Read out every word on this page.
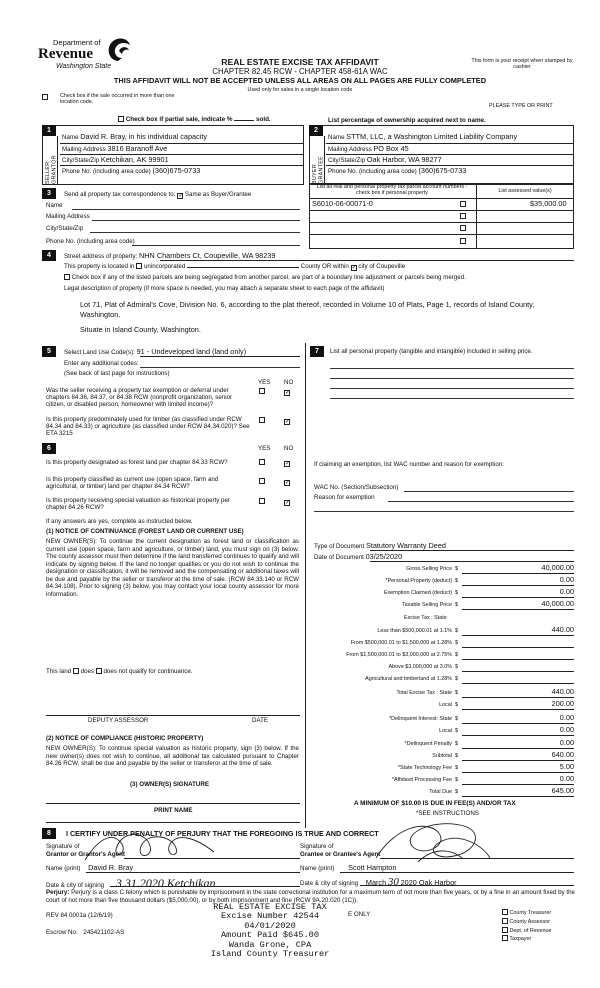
Department of
Revenue
Washington State	REAL ESTATE EXCISE TAX AFFIDAVIT
CHAPTER 82.45 RCW - CHAPTER 458-61A WAC
THIS AFFIDAVIT WILL NOT BE ACCEPTED UNLESS ALL AREAS ON ALL PAGES ARE FULLY COMPLETED
This form is your receipt when stamped by cashier
Used only for sales in a single location code
Check box if the sale occurred in more than one location code.
PLEASE TYPE OR PRINT
Check box if partial sale, indicate %	sold.	List percentage of ownership acquired next to name.
1
SELLER GRANTOR
Name David R. Bray, in his individual capacity
Mailing Address 3816 Baranoff Ave
City/State/Zip Ketchikan, AK 99901
Phone No. (including area code) (360)675-0733
2
BUYER GRANTEE
Name STTM, LLC, a Washington Limited Liability Company
Mailing Address PO Box 45
City/State/Zip Oak Harbor, WA 98277
Phone No. (including area code) (360)675-0733
3	Send all property tax correspondence to: ✓ Same as Buyer/Grantee
Name
Mailing Address
City/State/Zip
Phone No. (including area code)
List all real and personal property tax parcel account numbers - check box if personal property	List assessed value(s)
S6010-06-00071-0	$35,000.00
4	Street address of property: NHN Chambers Ct, Coupeville, WA 98239
This property is located in unincorporated	County OR within ✓ city of Coupeville
Check box if any of the listed parcels are being segregated from another parcel, are part of a boundary line adjustment or parcels being merged.
Legal description of property (if more space is needed, you may attach a separate sheet to each page of the affidavit)
Lot 71, Plat of Admiral's Cove, Division No. 6, according to the plat thereof, recorded in Volume 10 of Plats, Page 1, records of Island County, Washington.
Situate in Island County, Washington.
5	Select Land Use Code(s): 91 - Undeveloped land (land only)
Enter any additional codes:
(See back of last page for instructions)
YES NO
Was the seller receiving a property tax exemption or deferral under chapters 84.36, 84.37, or 84.38 RCW (nonprofit organization, senior citizen, or disabled person, homeowner with limited income)?
✓
Is this property predominately used for timber (as classified under RCW 84.34 and 84.33) or agriculture (as classified under RCW 84.34.020)? See ETA 3215
✓
6	YES NO
Is this property designated as forest land per chapter 84.33 RCW?	✓
Is this property classified as current use (open space, farm and agricultural, or timber) land per chapter 84.34 RCW?
✓
Is this property receiving special valuation as historical property per chapter 84.26 RCW?
✓
If any answers are yes, complete as instructed below.
(1) NOTICE OF CONTINUANCE (FOREST LAND OR CURRENT USE)
NEW OWNER(S): To continue the current designation as forest land or classification as current use (open space, farm and agriculture, or timber) land, you must sign on (3) below. The county assessor must then determine if the land transferred continues to qualify and will indicate by signing below. If the land no longer qualifies or you do not wish to continue the designation or classification, it will be removed and the compensating or additional taxes will be due and payable by the seller or transferor at the time of sale. (RCW 84.33.140 or RCW 84.34.108). Prior to signing (3) below, you may contact your local county assessor for more information.
This land does does not qualify for continuance.
DEPUTY ASSESSOR	DATE
(2) NOTICE OF COMPLIANCE (HISTORIC PROPERTY)
NEW OWNER(S): To continue special valuation as historic property, sign (3) below. If the new owner(s) does not wish to continue, all additional tax calculated pursuant to Chapter 84.26 RCW, shall be due and payable by the seller or transferor at the time of sale.
(3) OWNER(S) SIGNATURE
PRINT NAME
7	List all personal property (tangible and intangible) included in selling price.
If claiming an exemption, list WAC number and reason for exemption:
WAC No. (Section/Subsection)
Reason for exemption
Type of Document Statutory Warranty Deed
Date of Document 03/25/2020
Gross Selling Price $	40,000.00
*Personal Property (deduct) $	0.00
Exemption Claimed (deduct) $	0.00
Taxable Selling Price $	40,000.00
Excise Tax : State
Less than $500,000.01 at 1.1% $	440.00
From $500,000.01 to $1,500,000 at 1.28% $
From $1,500,000.01 to $3,000,000 at 2.75% $
Above $3,000,000 at 3.0% $
Agricultural and timberland at 1.28% $
Total Excise Tax : State $	440.00
Local $	200.00
*Delinquent Interest: State $	0.00
Local $	0.00
*Delinquent Penalty $	0.00
Subtotal $	640.00
*State Technology Fee $	5.00
*Affidavit Processing Fee $	0.00
Total Due $	645.00
A MINIMUM OF $10.00 IS DUE IN FEE(S) AND/OR TAX
*SEE INSTRUCTIONS
8	I CERTIFY UNDER PENALTY OF PERJURY THAT THE FOREGOING IS TRUE AND CORRECT
Signature of
Grantor or Grantor's Agent
Name (print) David R. Bray
Date & city of signing 3.31.2020 Ketchikan
Signature of
Grantee or Grantee's Agent
Name (print) Scott Hampton
Date & city of signing March 30 2020 Oak Harbor
Perjury: Perjury is a class C felony which is punishable by imprisonment in the state correctional institution for a maximum term of not more than five years, or by a fine in an amount fixed by the court of not more than five thousand dollars ($5,000.00), or by both imprisonment and fine (RCW 9A.20.020 (1C)).
REV 84 0001a (12/6/19)
Escrow No. 245421102-AS
REAL ESTATE EXCISE TAX
Excise Number 42544
04/01/2020
Amount Paid $645.00
Wanda Grone, CPA
Island County Treasurer
E ONLY	County Treasurer
County Assessor
Dept. of Revenue
Taxpayer
